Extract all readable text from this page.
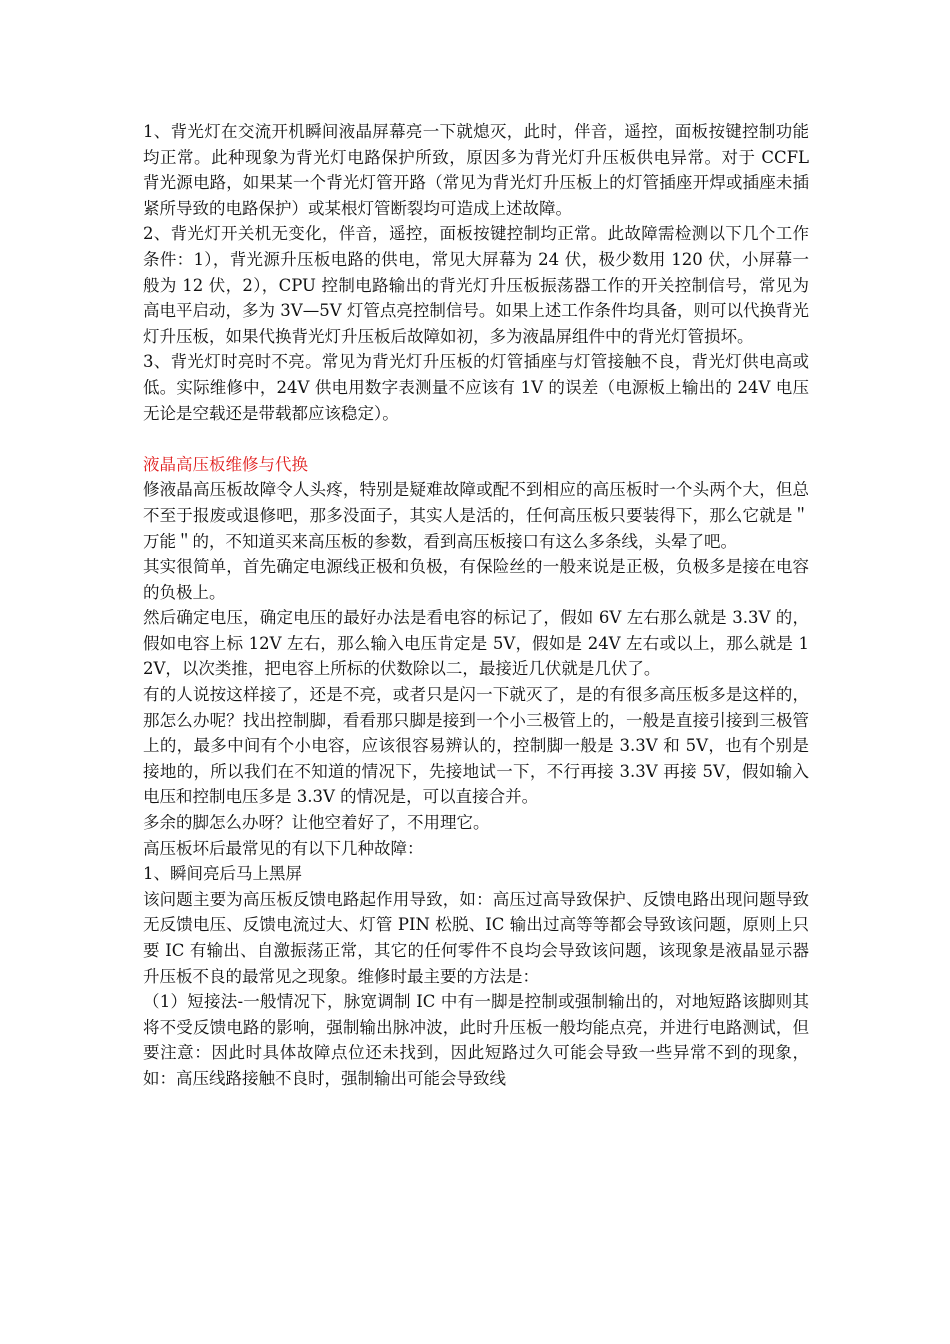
1、背光灯在交流开机瞬间液晶屏幕亮一下就熄灭，此时，伴音，遥控，面板按键控制功能均正常。此种现象为背光灯电路保护所致，原因多为背光灯升压板供电异常。对于 CCFL 背光源电路，如果某一个背光灯管开路（常见为背光灯升压板上的灯管插座开焊或插座未插紧所导致的电路保护）或某根灯管断裂均可造成上述故障。

2、背光灯开关机无变化，伴音，遥控，面板按键控制均正常。此故障需检测以下几个工作条件：1），背光源升压板电路的供电，常见大屏幕为 24 伏，极少数用 120 伏，小屏幕一般为 12 伏，2），CPU 控制电路输出的背光灯升压板振荡器工作的开关控制信号，常见为高电平启动，多为 3V—5V 灯管点亮控制信号。如果上述工作条件均具备，则可以代换背光灯升压板，如果代换背光灯升压板后故障如初，多为液晶屏组件中的背光灯管损坏。

3、背光灯时亮时不亮。常见为背光灯升压板的灯管插座与灯管接触不良，背光灯供电高或低。实际维修中，24V 供电用数字表测量不应该有 1V 的误差（电源板上输出的 24V 电压无论是空载还是带载都应该稳定）。

液晶高压板维修与代换

修液晶高压板故障令人头疼，特别是疑难故障或配不到相应的高压板时一个头两个大，但总不至于报废或退修吧，那多没面子，其实人是活的，任何高压板只要装得下，那么它就是＂万能＂的，不知道买来高压板的参数，看到高压板接口有这么多条线，头晕了吧。

其实很简单，首先确定电源线正极和负极，有保险丝的一般来说是正极，负极多是接在电容的负极上。

然后确定电压，确定电压的最好办法是看电容的标记了，假如 6V 左右那么就是 3.3V 的，假如电容上标 12V 左右，那么输入电压肯定是 5V，假如是 24V 左右或以上，那么就是 12V，以次类推，把电容上所标的伏数除以二，最接近几伏就是几伏了。

有的人说按这样接了，还是不亮，或者只是闪一下就灭了，是的有很多高压板多是这样的，那怎么办呢？找出控制脚，看看那只脚是接到一个小三极管上的，一般是直接引接到三极管上的，最多中间有个小电容，应该很容易辨认的，控制脚一般是 3.3V 和 5V，也有个别是接地的，所以我们在不知道的情况下，先接地试一下，不行再接 3.3V 再接 5V，假如输入电压和控制电压多是 3.3V 的情况是，可以直接合并。

多余的脚怎么办呀？让他空着好了，不用理它。

高压板坏后最常见的有以下几种故障：

1、瞬间亮后马上黑屏

该问题主要为高压板反馈电路起作用导致，如：高压过高导致保护、反馈电路出现问题导致无反馈电压、反馈电流过大、灯管 PIN 松脱、IC 输出过高等等都会导致该问题，原则上只要 IC 有输出、自激振荡正常，其它的任何零件不良均会导致该问题，该现象是液晶显示器升压板不良的最常见之现象。维修时最主要的方法是：

（1）短接法-一般情况下，脉宽调制 IC 中有一脚是控制或强制输出的，对地短路该脚则其将不受反馈电路的影响，强制输出脉冲波，此时升压板一般均能点亮，并进行电路测试，但要注意：因此时具体故障点位还未找到，因此短路过久可能会导致一些异常不到的现象，如：高压线路接触不良时，强制输出可能会导致线
